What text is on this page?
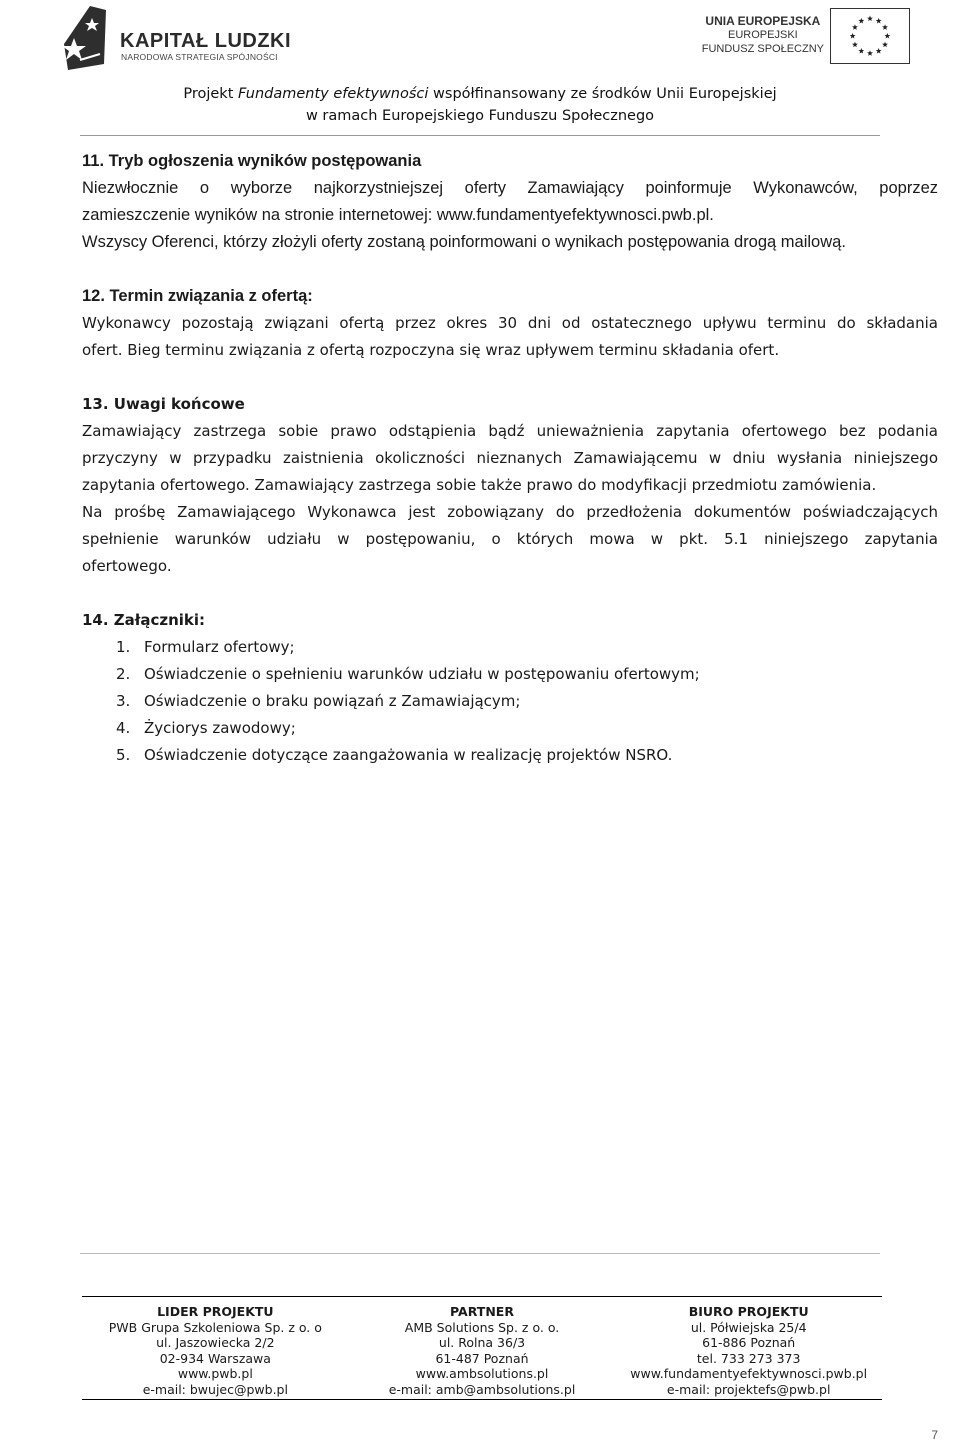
KAPITAŁ LUDZKI
NARODOWA STRATEGIA SPÓJNOŚCI
UNIA EUROPEJSKA
EUROPEJSKI
FUNDUSZ SPOŁECZNY
Projekt Fundamenty efektywności współfinansowany ze środków Unii Europejskiej
w ramach Europejskiego Funduszu Społecznego
11. Tryb ogłoszenia wyników postępowania
Niezwłocznie o wyborze najkorzystniejszej oferty Zamawiający poinformuje Wykonawców, poprzez
zamieszczenie wyników na stronie internetowej: www.fundamentyefektywnosci.pwb.pl.
Wszyscy Oferenci, którzy złożyli oferty zostaną poinformowani o wynikach postępowania drogą mailową.
12. Termin związania z ofertą:
Wykonawcy pozostają związani ofertą przez okres 30 dni od ostatecznego upływu terminu do składania
ofert. Bieg terminu związania z ofertą rozpoczyna się wraz upływem terminu składania ofert.
13. Uwagi końcowe
Zamawiający zastrzega sobie prawo odstąpienia bądź unieważnienia zapytania ofertowego bez podania
przyczyny w przypadku zaistnienia okoliczności nieznanych Zamawiającemu w dniu wysłania niniejszego
zapytania ofertowego. Zamawiający zastrzega sobie także prawo do modyfikacji przedmiotu zamówienia.
Na prośbę Zamawiającego Wykonawca jest zobowiązany do przedłożenia dokumentów poświadczających
spełnienie warunków udziału w postępowaniu, o których mowa w pkt. 5.1 niniejszego zapytania
ofertowego.
14. Załączniki:
1. Formularz ofertowy;
2. Oświadczenie o spełnieniu warunków udziału w postępowaniu ofertowym;
3. Oświadczenie o braku powiązań z Zamawiającym;
4. Życiorys zawodowy;
5. Oświadczenie dotyczące zaangażowania w realizację projektów NSRO.
LIDER PROJEKTU
PWB Grupa Szkoleniowa Sp. z o. o
ul. Jaszowiecka 2/2
02-934 Warszawa
www.pwb.pl
e-mail: bwujec@pwb.pl
PARTNER
AMB Solutions Sp. z o. o.
ul. Rolna 36/3
61-487 Poznań
www.ambsolutions.pl
e-mail: amb@ambsolutions.pl
BIURO PROJEKTU
ul. Półwiejska 25/4
61-886 Poznań
tel. 733 273 373
www.fundamentyefektywnosci.pwb.pl
e-mail: projektefs@pwb.pl
7
